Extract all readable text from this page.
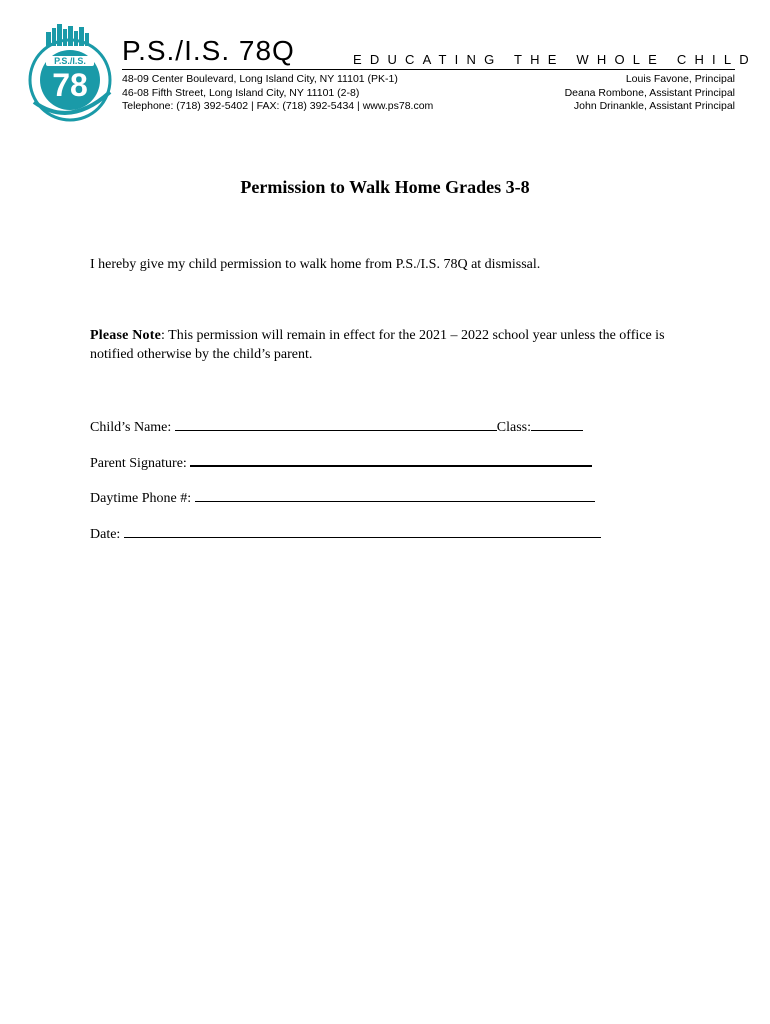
P.S./I.S.
78
P.S./I.S. 78Q	EDUCATING THE WHOLE CHILD
48-09 Center Boulevard, Long Island City, NY 11101 (PK-1)
46-08 Fifth Street, Long Island City, NY 11101 (2-8)
Telephone: (718) 392-5402 | FAX: (718) 392-5434 | www.ps78.com
Louis Favone, Principal
Deana Rombone, Assistant Principal
John Drinankle, Assistant Principal
Permission to Walk Home Grades 3-8
I hereby give my child permission to walk home from P.S./I.S. 78Q at dismissal.
Please Note: This permission will remain in effect for the 2021 – 2022 school year unless the office is notified otherwise by the child’s parent.
Child’s Name:	Class:
Parent Signature:
Daytime Phone #:
Date:
